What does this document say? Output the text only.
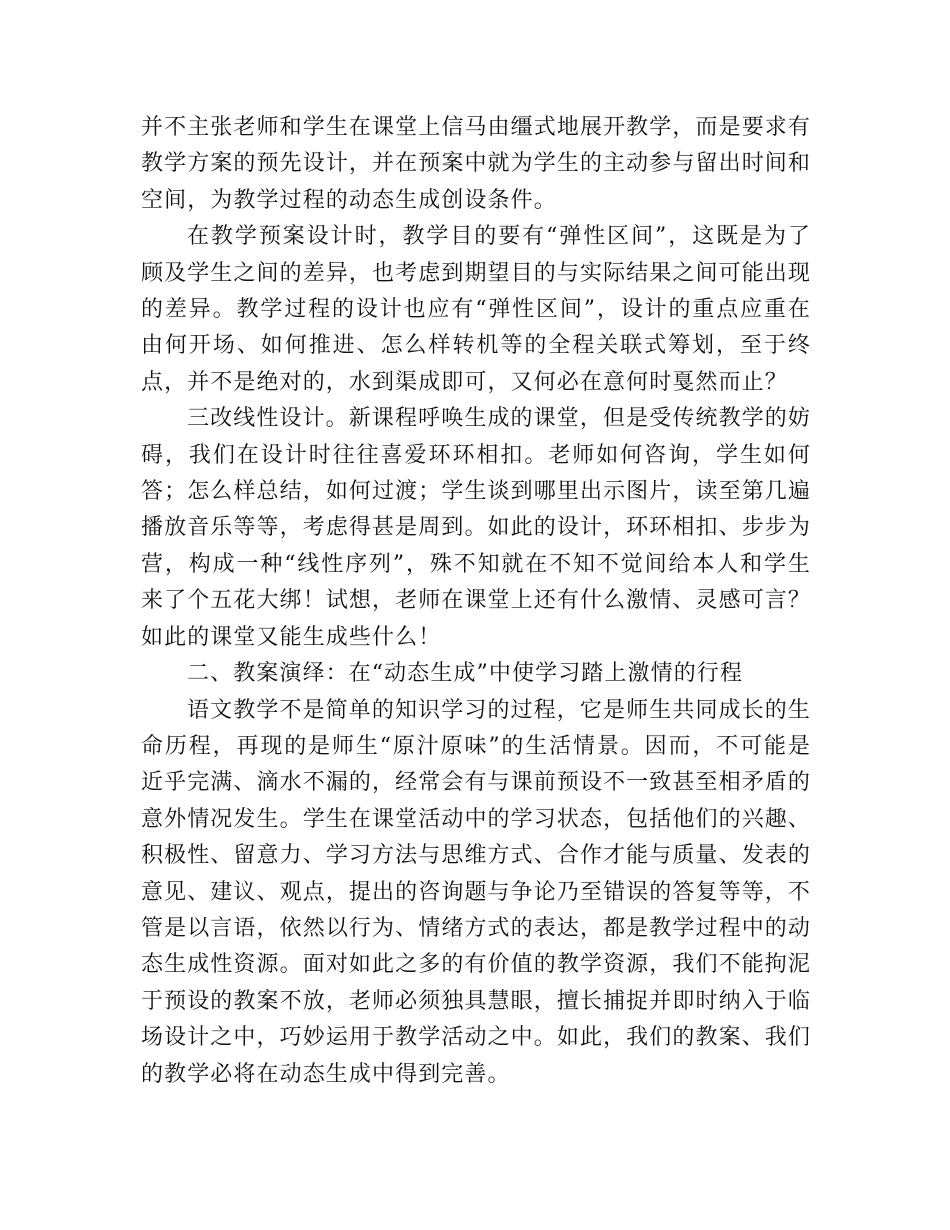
并不主张老师和学生在课堂上信马由缰式地展开教学，而是要求有教学方案的预先设计，并在预案中就为学生的主动参与留出时间和空间，为教学过程的动态生成创设条件。

在教学预案设计时，教学目的要有“弹性区间”，这既是为了顾及学生之间的差异，也考虑到期望目的与实际结果之间可能出现的差异。教学过程的设计也应有“弹性区间”，设计的重点应重在由何开场、如何推进、怎么样转机等的全程关联式筹划，至于终点，并不是绝对的，水到渠成即可，又何必在意何时戛然而止？

三改线性设计。新课程呼唤生成的课堂，但是受传统教学的妨碍，我们在设计时往往喜爱环环相扣。老师如何咨询，学生如何答；怎么样总结，如何过渡；学生谈到哪里出示图片，读至第几遍播放音乐等等，考虑得甚是周到。如此的设计，环环相扣、步步为营，构成一种“线性序列”，殊不知就在不知不觉间给本人和学生来了个五花大绑！试想，老师在课堂上还有什么激情、灵感可言？如此的课堂又能生成些什么！

二、教案演绎：在“动态生成”中使学习踏上激情的行程

语文教学不是简单的知识学习的过程，它是师生共同成长的生命历程，再现的是师生“原汁原味”的生活情景。因而，不可能是近乎完满、滴水不漏的，经常会有与课前预设不一致甚至相矛盾的意外情况发生。学生在课堂活动中的学习状态，包括他们的兴趣、积极性、留意力、学习方法与思维方式、合作才能与质量、发表的意见、建议、观点，提出的咨询题与争论乃至错误的答复等等，不管是以言语，依然以行为、情绪方式的表达，都是教学过程中的动态生成性资源。面对如此之多的有价值的教学资源，我们不能拘泥于预设的教案不放，老师必须独具慧眼，擅长捕捉并即时纳入于临场设计之中，巧妙运用于教学活动之中。如此，我们的教案、我们的教学必将在动态生成中得到完善。
